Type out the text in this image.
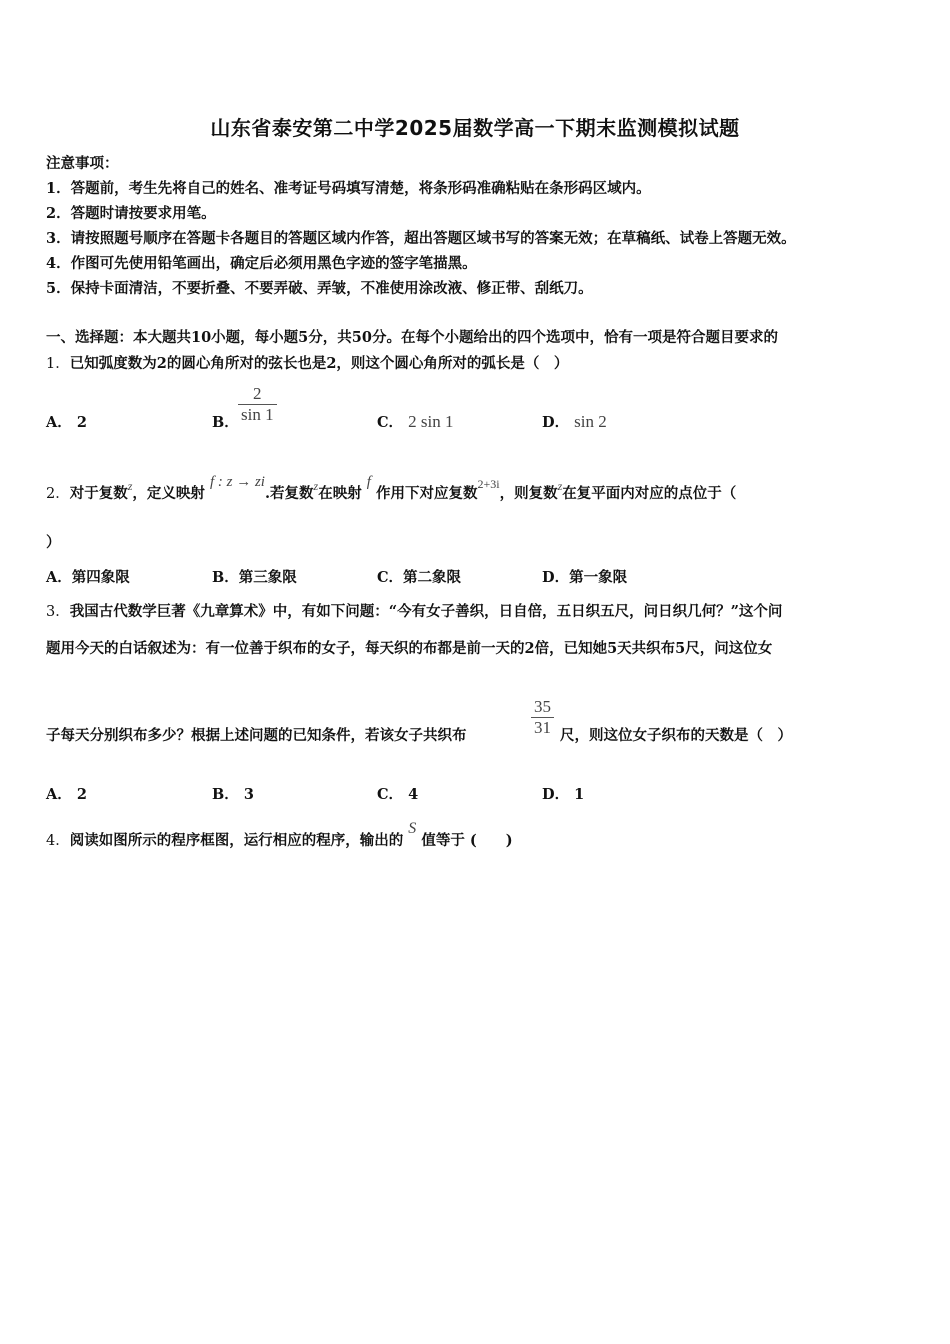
山东省泰安第二中学2025届数学高一下期末监测模拟试题
注意事项：
1．答题前，考生先将自己的姓名、准考证号码填写清楚，将条形码准确粘贴在条形码区域内。
2．答题时请按要求用笔。
3．请按照题号顺序在答题卡各题目的答题区域内作答，超出答题区域书写的答案无效；在草稿纸、试卷上答题无效。
4．作图可先使用铅笔画出，确定后必须用黑色字迹的签字笔描黑。
5．保持卡面清洁，不要折叠、不要弄破、弄皱，不准使用涂改液、修正带、刮纸刀。
一、选择题：本大题共10小题，每小题5分，共50分。在每个小题给出的四个选项中，恰有一项是符合题目要求的
1．已知弧度数为2的圆心角所对的弦长也是2，则这个圆心角所对的弧长是（　）
A． 2	B． $\frac{2}{\sin 1}$	C． 2 sin 1	D． sin 2
2．对于复数$^z$，定义映射 f : z → zi.若复数$^z$在映射 f 作用下对应复数$^{2+3i}$，则复数$^z$在复平面内对应的点位于（
）
A．第四象限	B．第三象限	C．第二象限	D．第一象限
3．我国古代数学巨著《九章算术》中，有如下问题：“今有女子善织，日自倍，五日织五尺，问日织几何？”这个问
题用今天的白话叙述为：有一位善于织布的女子，每天织的布都是前一天的2倍，已知她5天共织布5尺，问这位女
子每天分别织布多少？根据上述问题的已知条件，若该女子共织布	$\frac{35}{31}$ 尺，则这位女子织布的天数是（　）
A． 2	B． 3	C． 4	D． 1
4．阅读如图所示的程序框图，运行相应的程序，输出的 S 值等于 (　　)
